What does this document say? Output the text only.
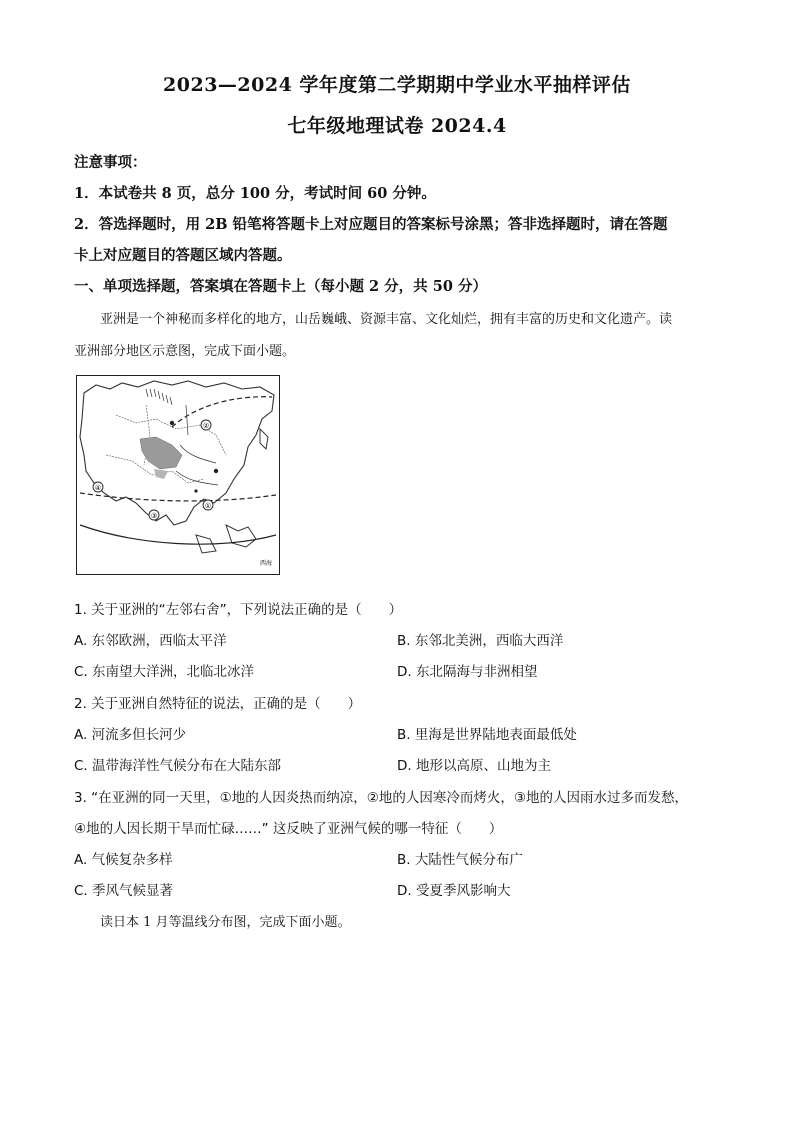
2023—2024 学年度第二学期期中学业水平抽样评估
七年级地理试卷 2024.4
注意事项：
1．本试卷共 8 页，总分 100 分，考试时间 60 分钟。
2．答选择题时，用 2B 铅笔将答题卡上对应题目的答案标号涂黑；答非选择题时，请在答题
卡上对应题目的答题区域内答题。
一、单项选择题，答案填在答题卡上（每小题 2 分，共 50 分）
亚洲是一个神秘而多样化的地方，山岳巍峨、资源丰富、文化灿烂，拥有丰富的历史和文化遗产。读
亚洲部分地区示意图，完成下面小题。
②
①
③
④
西海
1. 关于亚洲的“左邻右舍”，下列说法正确的是（　　）
A. 东邻欧洲，西临太平洋	B. 东邻北美洲，西临大西洋
C. 东南望大洋洲，北临北冰洋	D. 东北隔海与非洲相望
2. 关于亚洲自然特征的说法，正确的是（　　）
A. 河流多但长河少	B. 里海是世界陆地表面最低处
C. 温带海洋性气候分布在大陆东部	D. 地形以高原、山地为主
3. “在亚洲的同一天里，①地的人因炎热而纳凉，②地的人因寒冷而烤火，③地的人因雨水过多而发愁，
④地的人因长期干旱而忙碌……” 这反映了亚洲气候的哪一特征（　　）
A. 气候复杂多样	B. 大陆性气候分布广
C. 季风气候显著	D. 受夏季风影响大
读日本 1 月等温线分布图，完成下面小题。
